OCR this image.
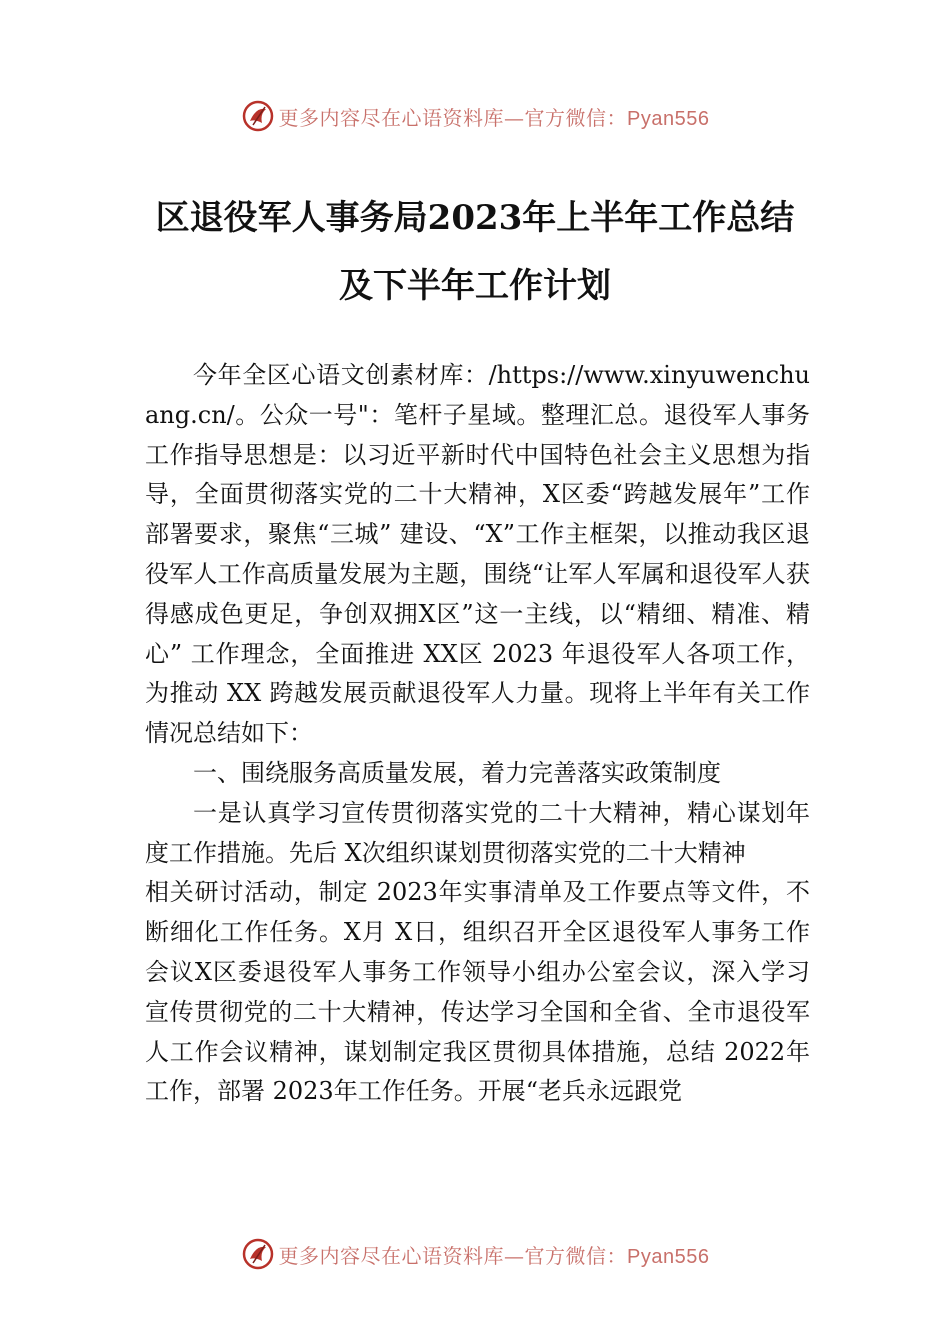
更多内容尽在心语资料库—官方微信：Pyan556
区退役军人事务局2023年上半年工作总结
及下半年工作计划

今年全区心语文创素材库：/https://www.xinyuwenchuang.cn/。公众一号"：笔杆子星域。整理汇总。退役军人事务工作指导思想是：以习近平新时代中国特色社会主义思想为指导，全面贯彻落实党的二十大精神，X区委“跨越发展年”工作部署要求，聚焦“三城” 建设、“X”工作主框架，以推动我区退役军人工作高质量发展为主题，围绕“让军人军属和退役军人获得感成色更足，争创双拥X区”这一主线，以“精细、精准、精心” 工作理念，全面推进 XX区 2023 年退役军人各项工作，为推动 XX 跨越发展贡献退役军人力量。现将上半年有关工作情况总结如下：

一、围绕服务高质量发展，着力完善落实政策制度

一是认真学习宣传贯彻落实党的二十大精神，精心谋划年度工作措施。先后 X次组织谋划贯彻落实党的二十大精神

相关研讨活动，制定 2023年实事清单及工作要点等文件，不断细化工作任务。X月 X日，组织召开全区退役军人事务工作会议X区委退役军人事务工作领导小组办公室会议，深入学习宣传贯彻党的二十大精神，传达学习全国和全省、全市退役军人工作会议精神，谋划制定我区贯彻具体措施，总结 2022年工作，部署 2023年工作任务。开展“老兵永远跟党

更多内容尽在心语资料库—官方微信：Pyan556
